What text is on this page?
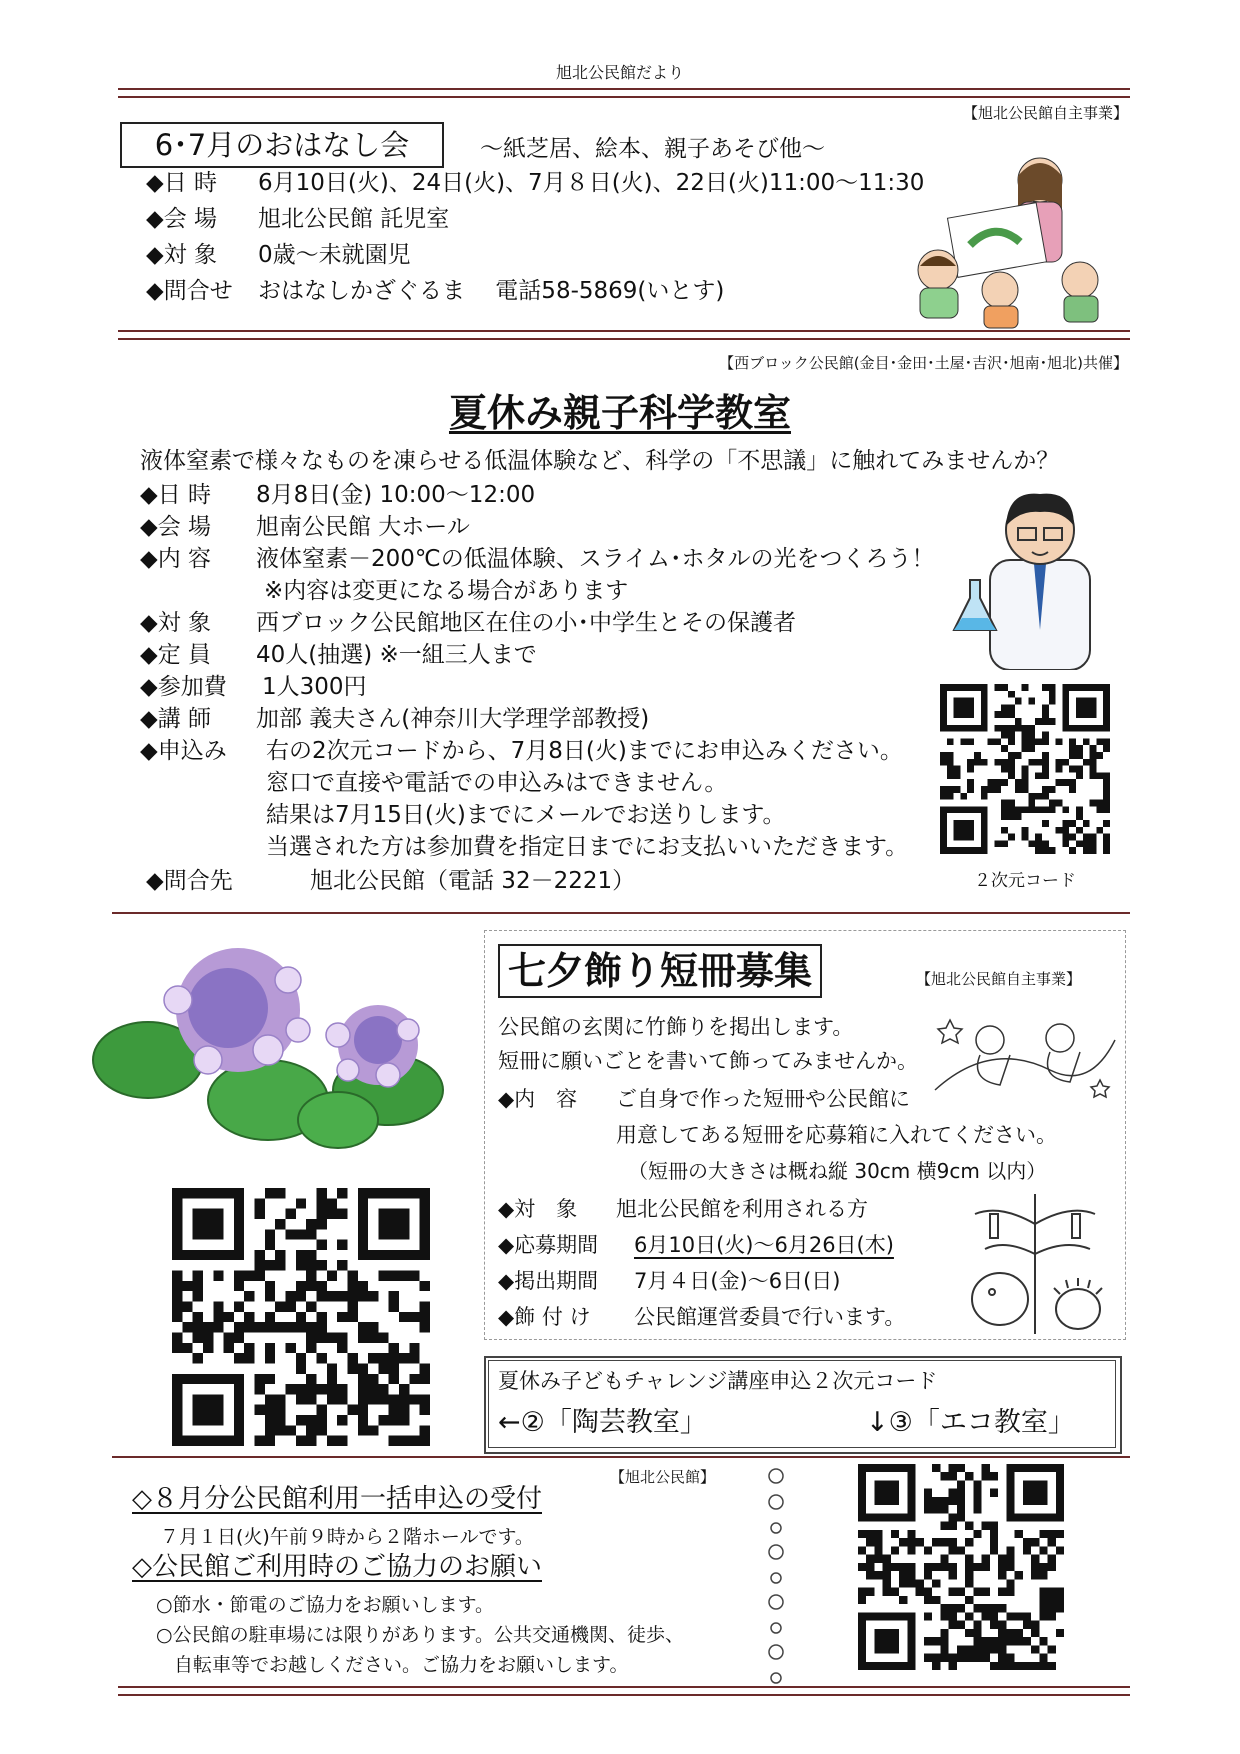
旭北公民館だより
【旭北公民館自主事業】
6･7月のおはなし会	～紙芝居、絵本、親子あそび他～
◆日 時 6月10日(火)、24日(火)、7月８日(火)、22日(火)11:00～11:30
◆会 場 旭北公民館 託児室
◆対 象 0歳～未就園児
◆問合せ おはなしかざぐるま　 電話58-5869(いとす)
【西ブロック公民館(金目･金田･土屋･吉沢･旭南･旭北)共催】
夏休み親子科学教室
液体窒素で様々なものを凍らせる低温体験など、科学の「不思議」に触れてみませんか？
◆日 時 8月8日(金) 10:00～12:00
◆会 場 旭南公民館 大ホール
◆内 容 液体窒素－200℃の低温体験、スライム･ホタルの光をつくろう！
※内容は変更になる場合があります
◆対 象 西ブロック公民館地区在住の小･中学生とその保護者
◆定 員 40人(抽選) ※一組三人まで
◆参加費 1人300円
◆講 師 加部 義夫さん(神奈川大学理学部教授)
◆申込み 右の2次元コードから、7月8日(火)までにお申込みください。
窓口で直接や電話での申込みはできません。
結果は7月15日(火)までにメールでお送りします。
当選された方は参加費を指定日までにお支払いいただきます。
◆問合先	旭北公民館（電話 32－2221）	２次元コード
七夕飾り短冊募集	【旭北公民館自主事業】
公民館の玄関に竹飾りを掲出します。
短冊に願いごとを書いて飾ってみませんか。
◆内　容 ご自身で作った短冊や公民館に
用意してある短冊を応募箱に入れてください。
（短冊の大きさは概ね縦 30cm 横9cm 以内）
◆対　象 旭北公民館を利用される方
◆応募期間 6月10日(火)～6月26日(木)
◆掲出期間 7月４日(金)～6日(日)
◆飾 付 け 公民館運営委員で行います。
夏休み子どもチャレンジ講座申込２次元コード
←②「陶芸教室」	↓③「エコ教室」
【旭北公民館】
◇８月分公民館利用一括申込の受付
７月１日(火)午前９時から２階ホールです。
◇公民館ご利用時のご協力のお願い
○節水・節電のご協力をお願いします。
○公民館の駐車場には限りがあります。公共交通機関、徒歩、
自転車等でお越しください。ご協力をお願いします。
